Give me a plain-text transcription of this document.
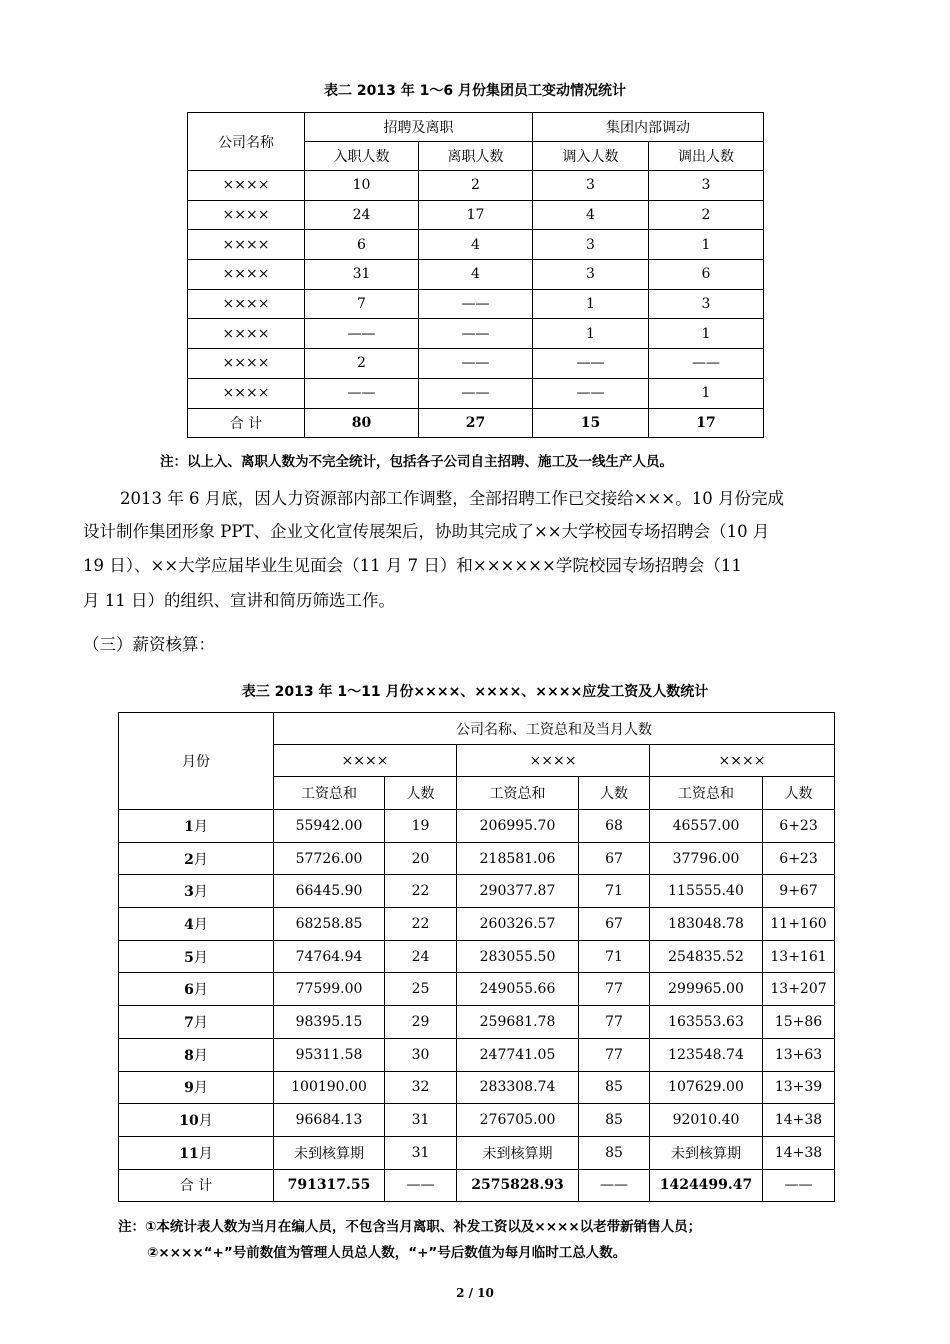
表二 2013 年 1～6 月份集团员工变动情况统计
公司名称	招聘及离职		集团内部调动	
	入职人数	离职人数	调入人数	调出人数
××××	10	2	3	3
××××	24	17	4	2
××××	6	4	3	1
××××	31	4	3	6
××××	7	——	1	3
××××	——	——	1	1
××××	2	——	——	——
××××	——	——	——	1
合 计	80	27	15	17
注：以上入、离职人数为不完全统计，包括各子公司自主招聘、施工及一线生产人员。
2013 年 6 月底，因人力资源部内部工作调整，全部招聘工作已交接给×××。10 月份完成
设计制作集团形象 PPT、企业文化宣传展架后，协助其完成了××大学校园专场招聘会（10 月
19 日）、××大学应届毕业生见面会（11 月 7 日）和××××××学院校园专场招聘会（11
月 11 日）的组织、宣讲和简历筛选工作。
（三）薪资核算：
表三 2013 年 1～11 月份××××、××××、××××应发工资及人数统计
月份	公司名称、工资总和及当月人数					
	××××		××××		××××	
	工资总和	人数	工资总和	人数	工资总和	人数
1月	55942.00	19	206995.70	68	46557.00	6+23
2月	57726.00	20	218581.06	67	37796.00	6+23
3月	66445.90	22	290377.87	71	115555.40	9+67
4月	68258.85	22	260326.57	67	183048.78	11+160
5月	74764.94	24	283055.50	71	254835.52	13+161
6月	77599.00	25	249055.66	77	299965.00	13+207
7月	98395.15	29	259681.78	77	163553.63	15+86
8月	95311.58	30	247741.05	77	123548.74	13+63
9月	100190.00	32	283308.74	85	107629.00	13+39
10月	96684.13	31	276705.00	85	92010.40	14+38
11月	未到核算期	31	未到核算期	85	未到核算期	14+38
合 计	791317.55	——	2575828.93	——	1424499.47	——
注：①本统计表人数为当月在编人员，不包含当月离职、补发工资以及××××以老带新销售人员；
②××××“+”号前数值为管理人员总人数，“+”号后数值为每月临时工总人数。
2 / 10
